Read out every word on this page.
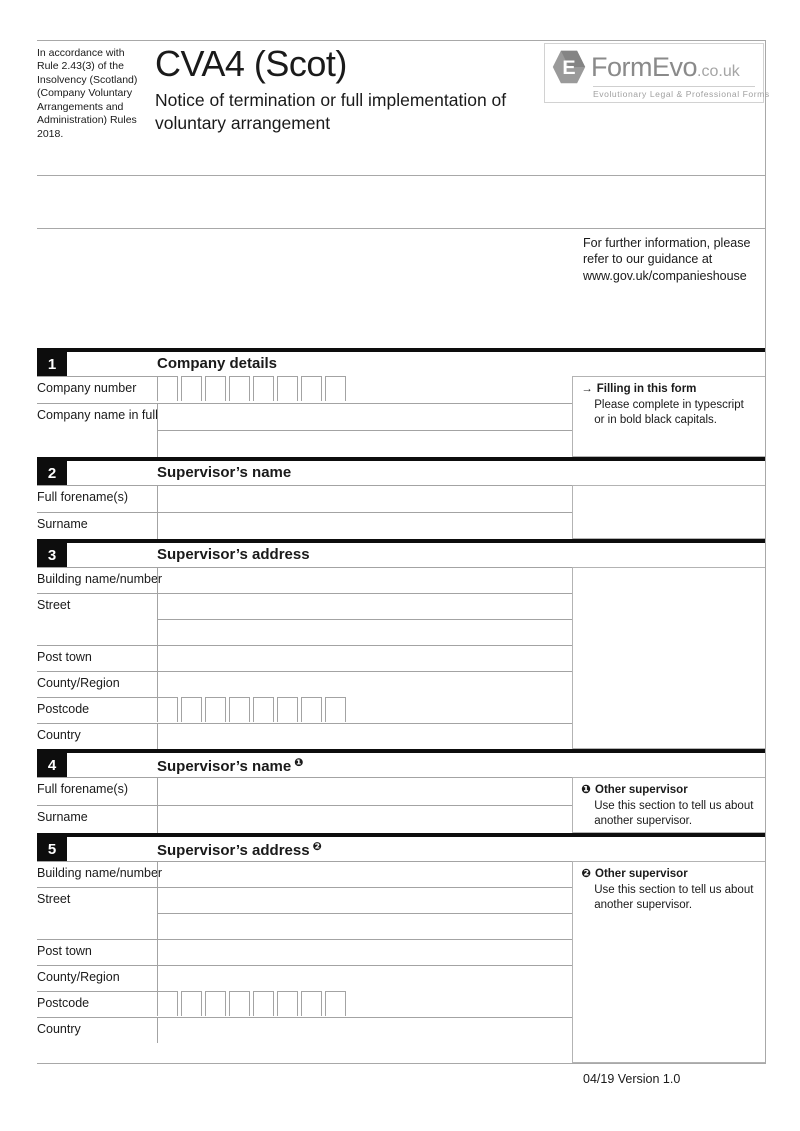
In accordance with Rule 2.43(3) of the Insolvency (Scotland) (Company Voluntary Arrangements and Administration) Rules 2018.
CVA4 (Scot)
Notice of termination or full implementation of voluntary arrangement
E FormEvo.co.uk
Evolutionary Legal & Professional Forms
For further information, please refer to our guidance at www.gov.uk/companieshouse
1	Company details
Company number
Company name in full
→ Filling in this form
Please complete in typescript or in bold black capitals.
2	Supervisor’s name
Full forename(s)
Surname
3	Supervisor’s address
Building name/number
Street
Post town
County/Region
Postcode
Country
4	Supervisor’s name $^❶$
Full forename(s)
Surname
❶ Other supervisor
Use this section to tell us about another supervisor.
5	Supervisor’s address $^❷$
Building name/number
Street
Post town
County/Region
Postcode
Country
❷ Other supervisor
Use this section to tell us about another supervisor.
04/19 Version 1.0
